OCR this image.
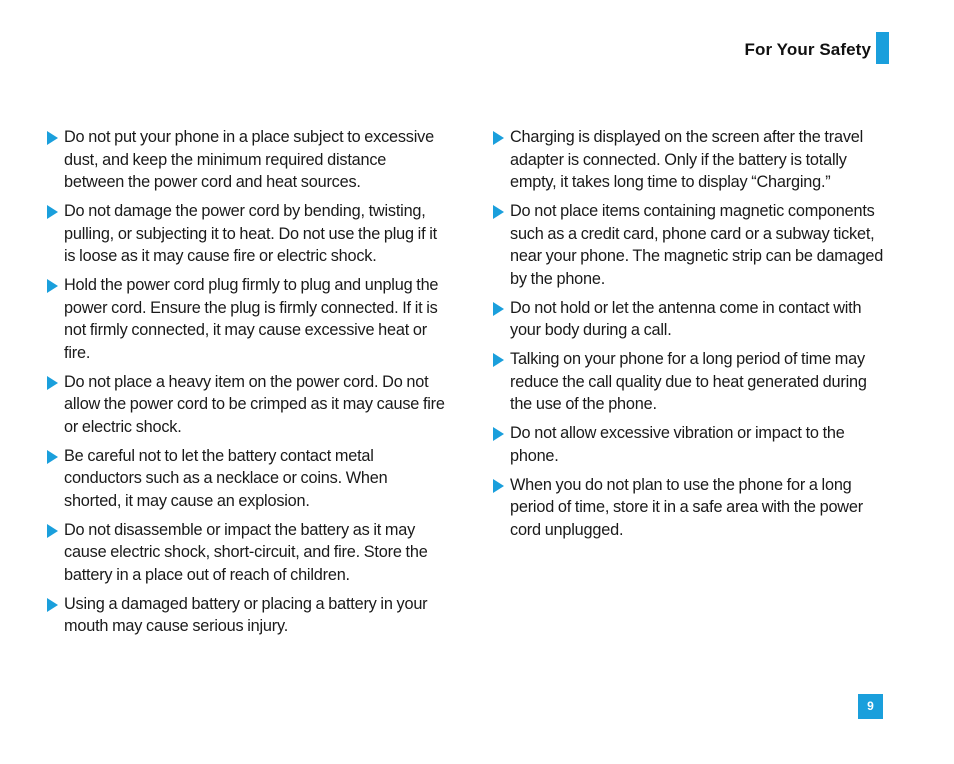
For Your Safety
Do not put your phone in a place subject to excessive dust, and keep the minimum required distance between the power cord and heat sources.
Do not damage the power cord by bending, twisting, pulling, or subjecting it to heat. Do not use the plug if it is loose as it may cause fire or electric shock.
Hold the power cord plug firmly to plug and unplug the power cord. Ensure the plug is firmly connected. If it is not firmly connected, it may cause excessive heat or fire.
Do not place a heavy item on the power cord. Do not allow the power cord to be crimped as it may cause fire or electric shock.
Be careful not to let the battery contact metal conductors such as a necklace or coins. When shorted, it may cause an explosion.
Do not disassemble or impact the battery as it may cause electric shock, short-circuit, and fire. Store the battery in a place out of reach of children.
Using a damaged battery or placing a battery in your mouth may cause serious injury.
Charging is displayed on the screen after the travel adapter is connected. Only if the battery is totally empty, it takes long time to display “Charging.”
Do not place items containing magnetic components such as a credit card, phone card or a subway ticket, near your phone. The magnetic strip can be damaged by the phone.
Do not hold or let the antenna come in contact with your body during a call.
Talking on your phone for a long period of time may reduce the call quality due to heat generated during the use of the phone.
Do not allow excessive vibration or impact to the phone.
When you do not plan to use the phone for a long period of time, store it in a safe area with the power cord unplugged.
9
